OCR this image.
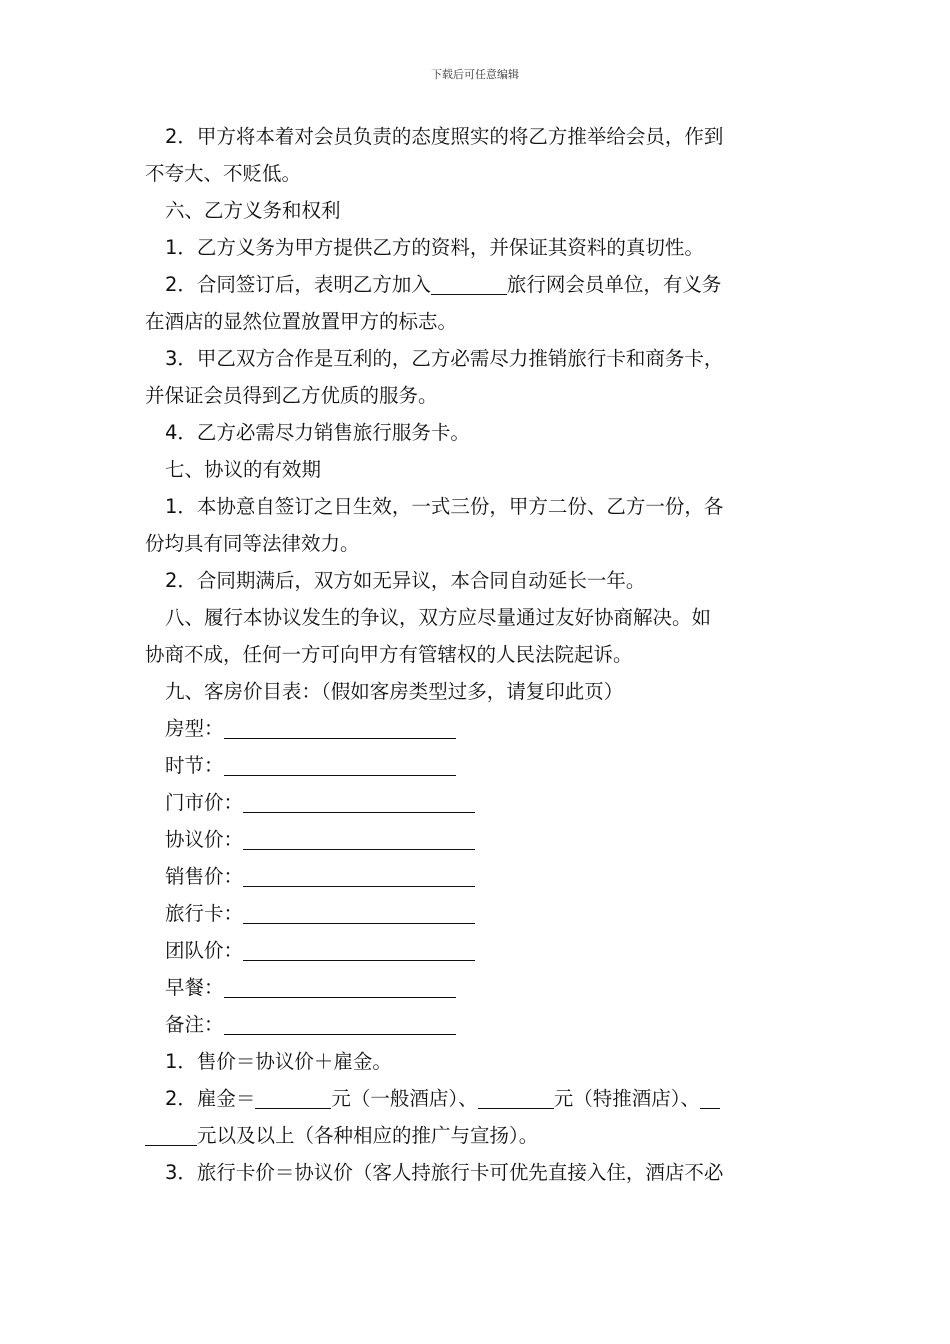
下载后可任意编辑
2．甲方将本着对会员负责的态度照实的将乙方推举给会员，作到
不夸大、不贬低。
六、乙方义务和权利
1．乙方义务为甲方提供乙方的资料，并保证其资料的真切性。
2．合同签订后，表明乙方加入	旅行网会员单位，有义务
在酒店的显然位置放置甲方的标志。
3．甲乙双方合作是互利的，乙方必需尽力推销旅行卡和商务卡，
并保证会员得到乙方优质的服务。
4．乙方必需尽力销售旅行服务卡。
七、协议的有效期
1．本协意自签订之日生效，一式三份，甲方二份、乙方一份，各
份均具有同等法律效力。
2．合同期满后，双方如无异议，本合同自动延长一年。
八、履行本协议发生的争议，双方应尽量通过友好协商解决。如
协商不成，任何一方可向甲方有管辖权的人民法院起诉。
九、客房价目表：（假如客房类型过多，请复印此页）
房型：
时节：
门市价：
协议价：
销售价：
旅行卡：
团队价：
早餐：
备注：
1．售价＝协议价＋雇金。
2．雇金＝	元（一般酒店）、	元（特推酒店）、
元以及以上（各种相应的推广与宣扬）。
3．旅行卡价＝协议价（客人持旅行卡可优先直接入住，酒店不必
